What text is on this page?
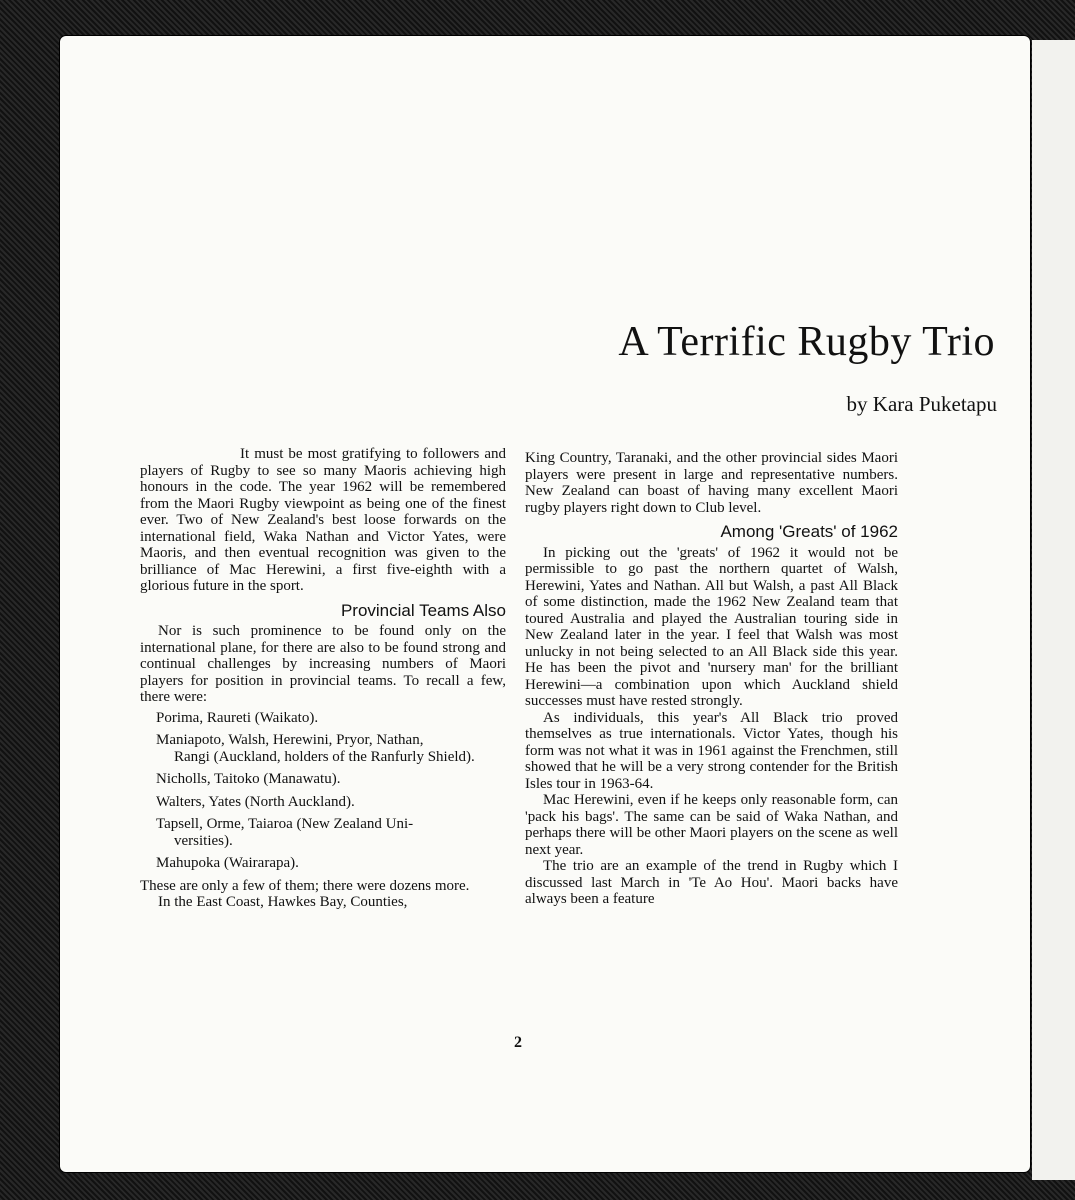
A Terrific Rugby Trio

by Kara Puketapu

It must be most gratifying to followers and players of Rugby to see so many Maoris achieving high honours in the code. The year 1962 will be remembered from the Maori Rugby viewpoint as being one of the finest ever. Two of New Zealand's best loose forwards on the international field, Waka Nathan and Victor Yates, were Maoris, and then eventual recognition was given to the brilliance of Mac Herewini, a first five-eighth with a glorious future in the sport.

Provincial Teams Also

Nor is such prominence to be found only on the international plane, for there are also to be found strong and continual challenges by increasing numbers of Maori players for position in provincial teams. To recall a few, there were:

Porima, Raureti (Waikato).
Maniapoto, Walsh, Herewini, Pryor, Nathan,
Rangi (Auckland, holders of the Ranfurly Shield).
Nicholls, Taitoko (Manawatu).
Walters, Yates (North Auckland).
Tapsell, Orme, Taiaroa (New Zealand Uni-
versities).
Mahupoka (Wairarapa).

These are only a few of them; there were dozens more.

In the East Coast, Hawkes Bay, Counties,

King Country, Taranaki, and the other provincial sides Maori players were present in large and representative numbers. New Zealand can boast of having many excellent Maori rugby players right down to Club level.

Among 'Greats' of 1962

In picking out the 'greats' of 1962 it would not be permissible to go past the northern quartet of Walsh, Herewini, Yates and Nathan. All but Walsh, a past All Black of some distinction, made the 1962 New Zealand team that toured Australia and played the Australian touring side in New Zealand later in the year. I feel that Walsh was most unlucky in not being selected to an All Black side this year. He has been the pivot and 'nursery man' for the brilliant Herewini—a combination upon which Auckland shield successes must have rested strongly.

As individuals, this year's All Black trio proved themselves as true internationals. Victor Yates, though his form was not what it was in 1961 against the Frenchmen, still showed that he will be a very strong contender for the British Isles tour in 1963-64.

Mac Herewini, even if he keeps only reasonable form, can 'pack his bags'. The same can be said of Waka Nathan, and perhaps there will be other Maori players on the scene as well next year.

The trio are an example of the trend in Rugby which I discussed last March in 'Te Ao Hou'. Maori backs have always been a feature

2
